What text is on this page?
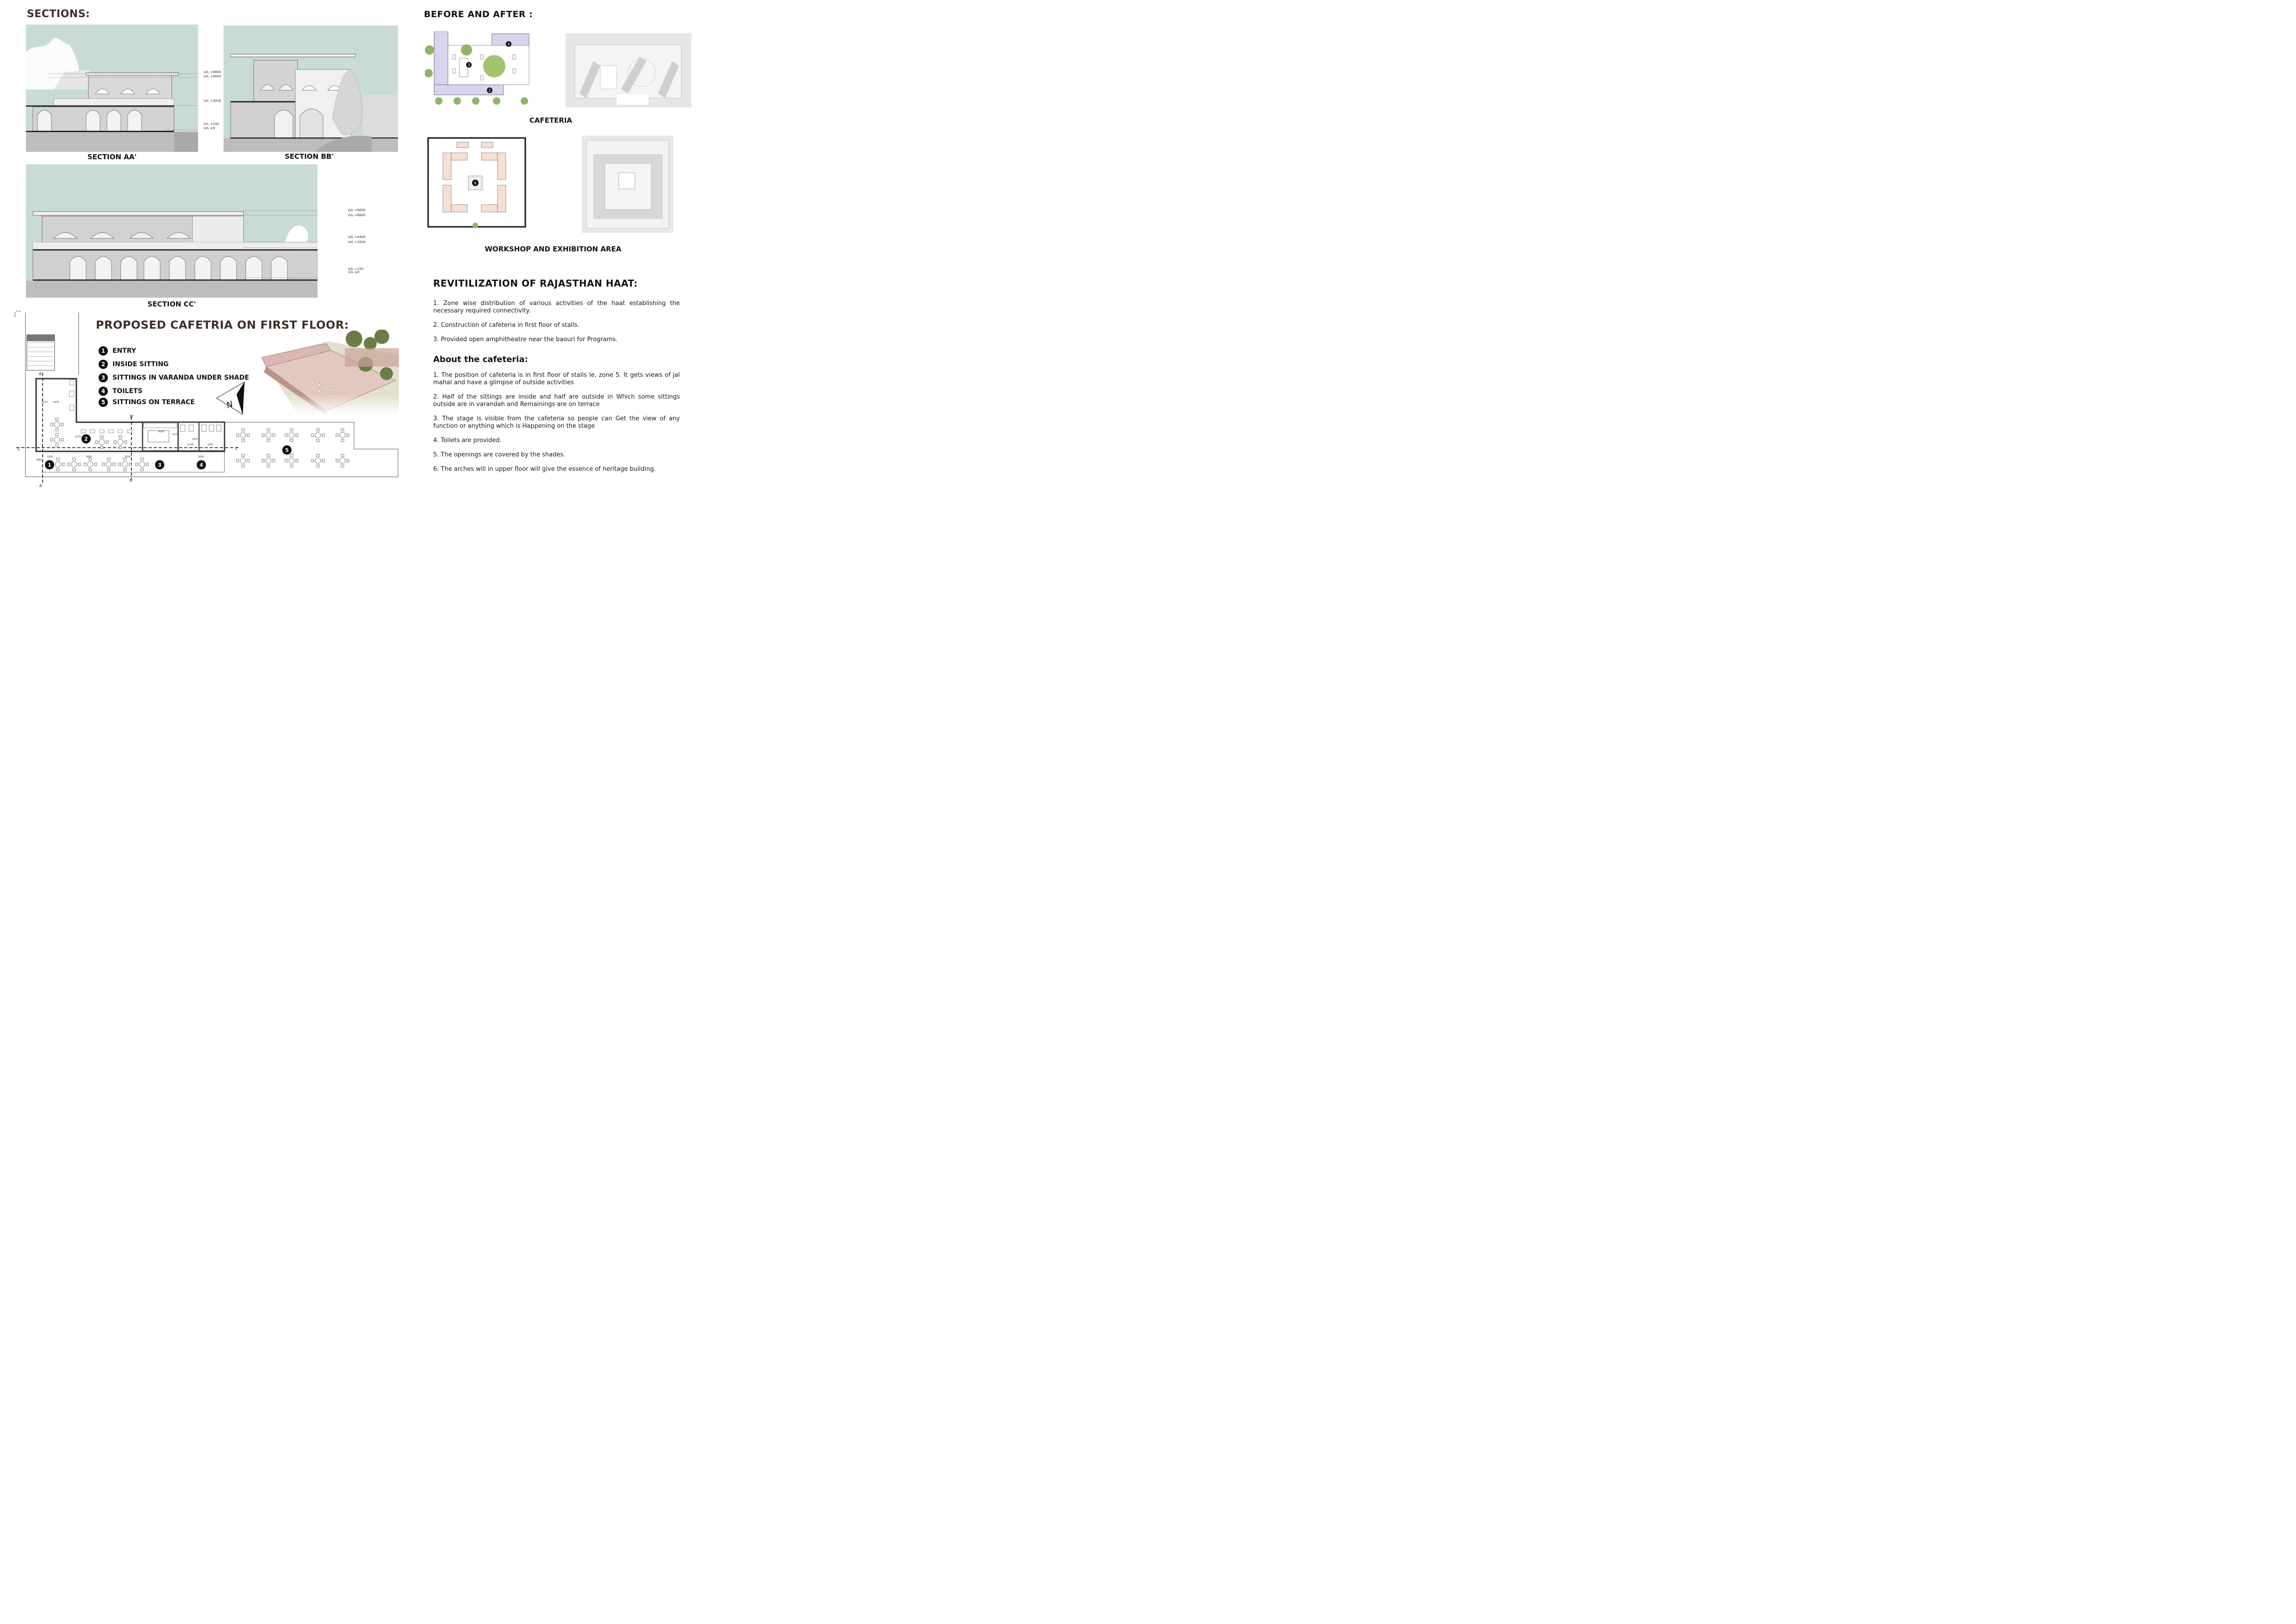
SECTIONS:	BEFORE AND AFTER :
LVL +9600
LVL +6600
LVL +3500
LVL +150
LVL ±0
SECTION AA'	SECTION BB'
LVL +9600
LVL +6600
LVL +4400
LVL +3500
LVL +150
LVL ±0
SECTION CC'
3
2
4
CAFETERIA
6
WORKSHOP AND EXHIBITION AREA
REVITILIZATION OF RAJASTHAN HAAT:

1. Zone wise distribution of various activities of the haat establishing the necessary required connectivity.

2. Construction of cafeteria in first floor of stalls.

3. Provided open amphitheatre near the baouri for Programs.

About the cafeteria:

1. The position of cafeteria is in first floor of stalls Ie, zone 5. It gets views of jal mahal and have a glimpse of outside activities

2. Half of the sittings are inside and half are outside in Which some sittings outside are in varandah and Remainings are on terrace

3. The stage is visible from the cafeteria so people can Get the view of any function or anything which is Happening on the stage

4. Toilets are provided.

5. The openings are covered by the shades.

6. The arches will in upper floor will give the essence of heritage building.

2
1	3	4
5
A
A
B'
B
C	C'
5165
3270
1000	2090	1000
4590
3270
2148	2583
1000
5840
3270
2882
PROPOSED CAFETRIA ON FIRST FLOOR:
1	ENTRY
2	INSIDE SITTING
3	SITTINGS IN VARANDA UNDER SHADE
4	TOILETS
5	SITTINGS ON TERRACE	N
